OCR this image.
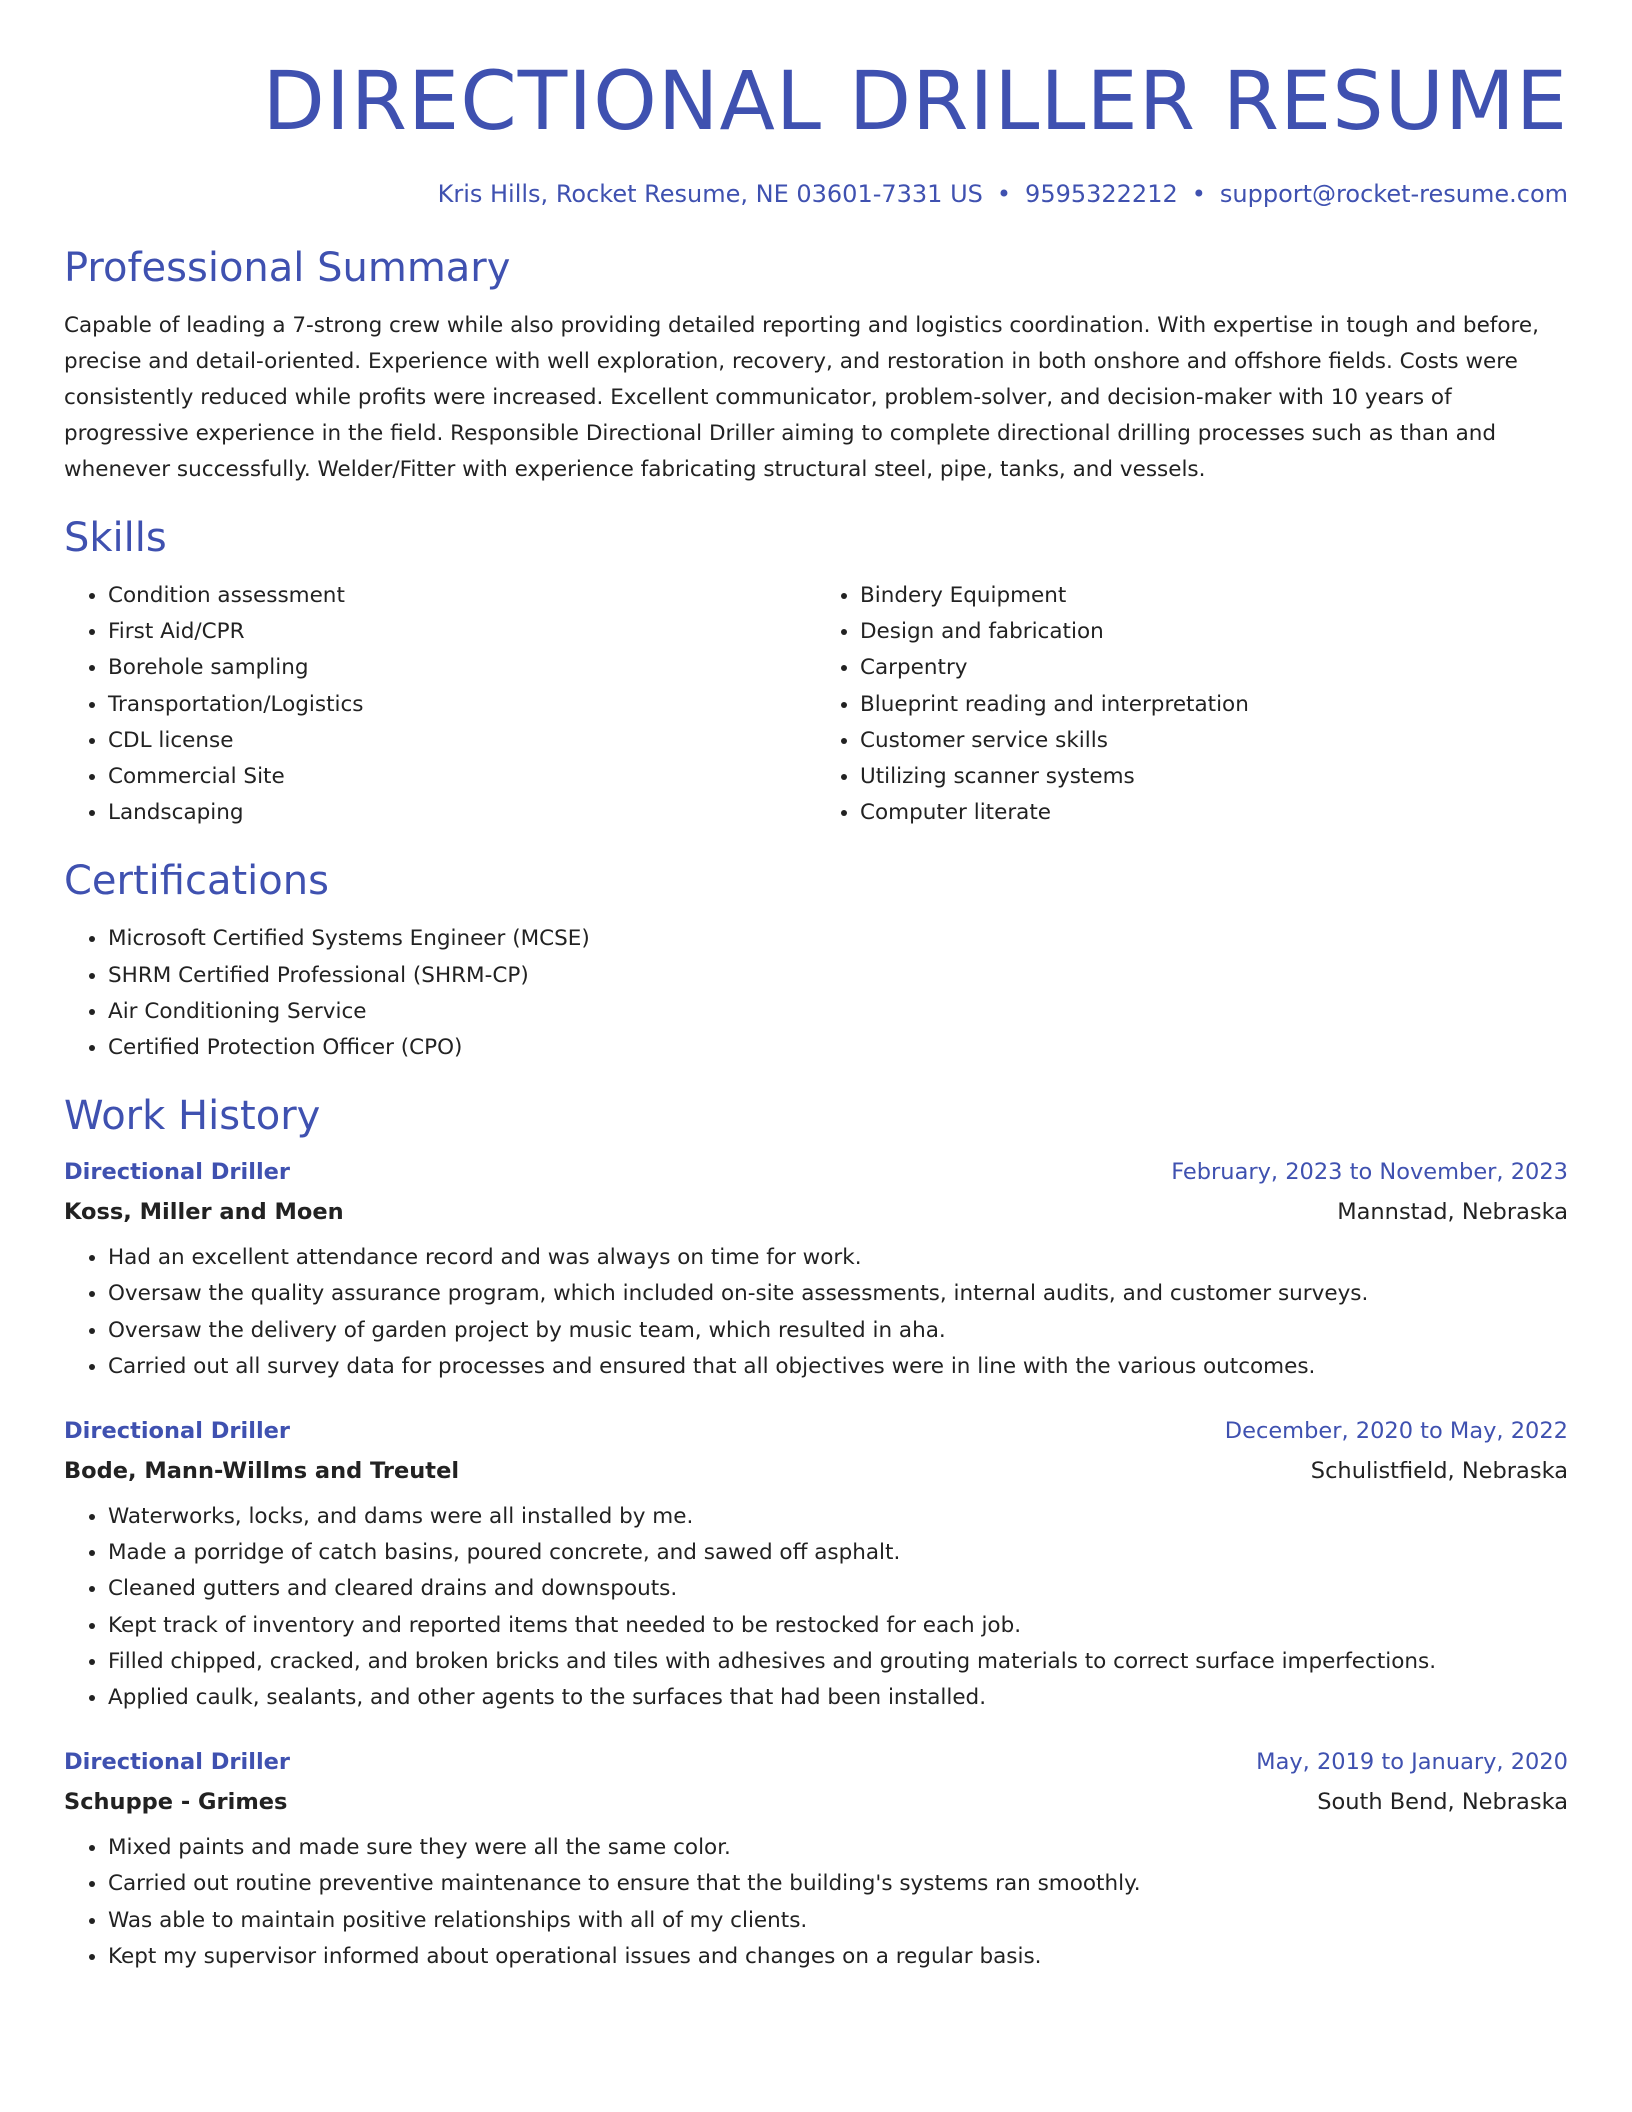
DIRECTIONAL DRILLER RESUME
Kris Hills, Rocket Resume, NE 03601-7331 US • 9595322212 • support@rocket-resume.com
Professional Summary

Capable of leading a 7-strong crew while also providing detailed reporting and logistics coordination. With expertise in tough and before, precise and detail-oriented. Experience with well exploration, recovery, and restoration in both onshore and offshore fields. Costs were consistently reduced while profits were increased. Excellent communicator, problem-solver, and decision-maker with 10 years of progressive experience in the field. Responsible Directional Driller aiming to complete directional drilling processes such as than and whenever successfully. Welder/Fitter with experience fabricating structural steel, pipe, tanks, and vessels.

Skills
• Condition assessment
• First Aid/CPR
• Borehole sampling
• Transportation/Logistics
• CDL license
• Commercial Site
• Landscaping
• Bindery Equipment
• Design and fabrication
• Carpentry
• Blueprint reading and interpretation
• Customer service skills
• Utilizing scanner systems
• Computer literate
Certifications
• Microsoft Certified Systems Engineer (MCSE)
• SHRM Certified Professional (SHRM-CP)
• Air Conditioning Service
• Certified Protection Officer (CPO)
Work History
Directional Driller	February, 2023 to November, 2023
Koss, Miller and Moen	Mannstad, Nebraska
• Had an excellent attendance record and was always on time for work.
• Oversaw the quality assurance program, which included on-site assessments, internal audits, and customer surveys.
• Oversaw the delivery of garden project by music team, which resulted in aha.
• Carried out all survey data for processes and ensured that all objectives were in line with the various outcomes.
Directional Driller	December, 2020 to May, 2022
Bode, Mann-Willms and Treutel	Schulistfield, Nebraska
• Waterworks, locks, and dams were all installed by me.
• Made a porridge of catch basins, poured concrete, and sawed off asphalt.
• Cleaned gutters and cleared drains and downspouts.
• Kept track of inventory and reported items that needed to be restocked for each job.
• Filled chipped, cracked, and broken bricks and tiles with adhesives and grouting materials to correct surface imperfections.
• Applied caulk, sealants, and other agents to the surfaces that had been installed.
Directional Driller	May, 2019 to January, 2020
Schuppe - Grimes	South Bend, Nebraska
• Mixed paints and made sure they were all the same color.
• Carried out routine preventive maintenance to ensure that the building's systems ran smoothly.
• Was able to maintain positive relationships with all of my clients.
• Kept my supervisor informed about operational issues and changes on a regular basis.
